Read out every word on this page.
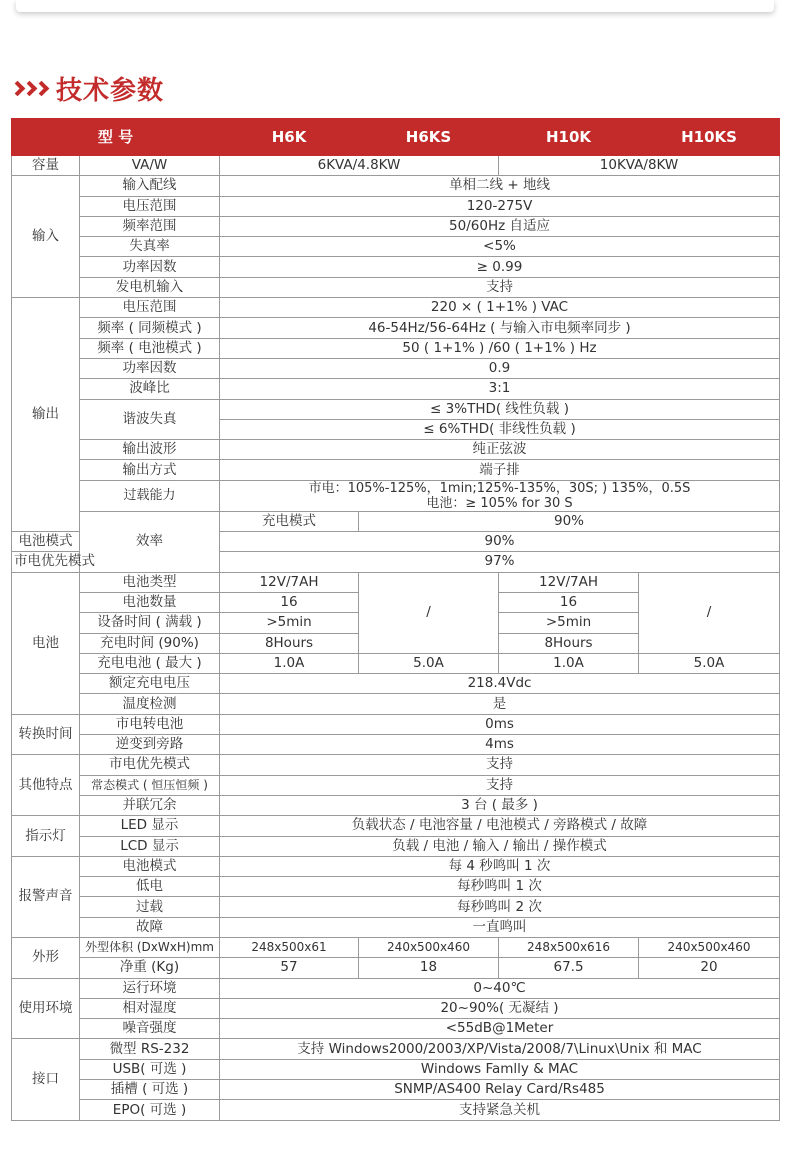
技术参数
型 号		H6K	H6KS	H10K	H10KS
容量	VA/W	6KVA/4.8KW		10KVA/8KW	
输入	输入配线	单相二线 + 地线			
	电压范围	120-275V			
	频率范围	50/60Hz 自适应			
	失真率	<5%			
	功率因数	≥ 0.99			
	发电机输入	支持			
输出	电压范围	220 × ( 1+1% ) VAC			
	频率 ( 同频模式 )	46-54Hz/56-64Hz ( 与输入市电频率同步 )			
	频率 ( 电池模式 )	50 ( 1+1% ) /60 ( 1+1% ) Hz			
	功率因数	0.9			
	波峰比	3:1			
	谐波失真	≤ 3%THD( 线性负载 )			
		≤ 6%THD( 非线性负载 )			
	输出波形	纯正弦波			
	输出方式	端子排			
	过载能力	市电：105%-125%，1min;125%-135%，30S; ) 135%，0.5S
电池：≥ 105% for 30 S			

	效率	充电模式	90%		
电池模式		90%			
市电优先模式		97%			
电池	电池类型	12V/7AH	/	12V/7AH	/
	电池数量	16		16	
	设备时间 ( 满载 )	>5min		>5min	
	充电时间 (90%)	8Hours		8Hours	
	充电电池 ( 最大 )	1.0A	5.0A	1.0A	5.0A
	额定充电电压	218.4Vdc			
	温度检测	是			
转换时间	市电转电池	0ms			
	逆变到旁路	4ms			
其他特点	市电优先模式	支持			
	常态模式 ( 恒压恒频 )	支持			
	并联冗余	3 台 ( 最多 )			
指示灯	LED 显示	负载状态 / 电池容量 / 电池模式 / 旁路模式 / 故障			
	LCD 显示	负载 / 电池 / 输入 / 输出 / 操作模式			
报警声音	电池模式	每 4 秒鸣叫 1 次			
	低电	每秒鸣叫 1 次			
	过载	每秒鸣叫 2 次			
	故障	一直鸣叫			
外形	外型体积 (DxWxH)mm	248x500x61	240x500x460	248x500x616	240x500x460
	净重 (Kg)	57	18	67.5	20
使用环境	运行环境	0~40℃			
	相对湿度	20~90%( 无凝结 )			
	噪音强度	<55dB@1Meter			
接口	微型 RS-232	支持 Windows2000/2003/XP/Vista/2008/7\Linux\Unix 和 MAC			
	USB( 可选 )	Windows Famlly & MAC			
	插槽 ( 可选 )	SNMP/AS400 Relay Card/Rs485			
	EPO( 可选 )	支持紧急关机			
